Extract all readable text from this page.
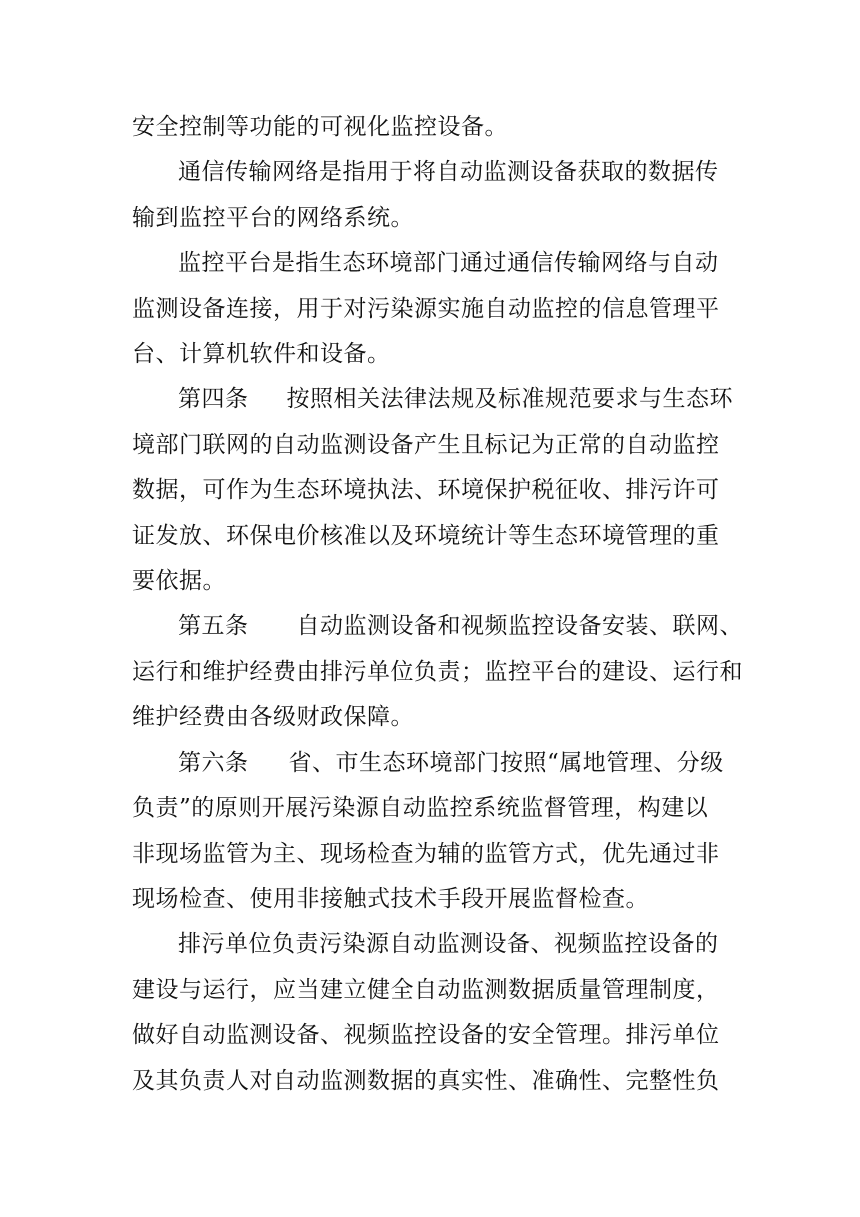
安全控制等功能的可视化监控设备。
通信传输网络是指用于将自动监测设备获取的数据传
输到监控平台的网络系统。
监控平台是指生态环境部门通过通信传输网络与自动
监测设备连接，用于对污染源实施自动监控的信息管理平
台、计算机软件和设备。
第四条 按照相关法律法规及标准规范要求与生态环
境部门联网的自动监测设备产生且标记为正常的自动监控
数据，可作为生态环境执法、环境保护税征收、排污许可
证发放、环保电价核准以及环境统计等生态环境管理的重
要依据。
第五条 自动监测设备和视频监控设备安装、联网、
运行和维护经费由排污单位负责；监控平台的建设、运行和
维护经费由各级财政保障。
第六条 省、市生态环境部门按照“属地管理、分级
负责”的原则开展污染源自动监控系统监督管理，构建以
非现场监管为主、现场检查为辅的监管方式，优先通过非
现场检查、使用非接触式技术手段开展监督检查。
排污单位负责污染源自动监测设备、视频监控设备的
建设与运行，应当建立健全自动监测数据质量管理制度，
做好自动监测设备、视频监控设备的安全管理。排污单位
及其负责人对自动监测数据的真实性、准确性、完整性负
